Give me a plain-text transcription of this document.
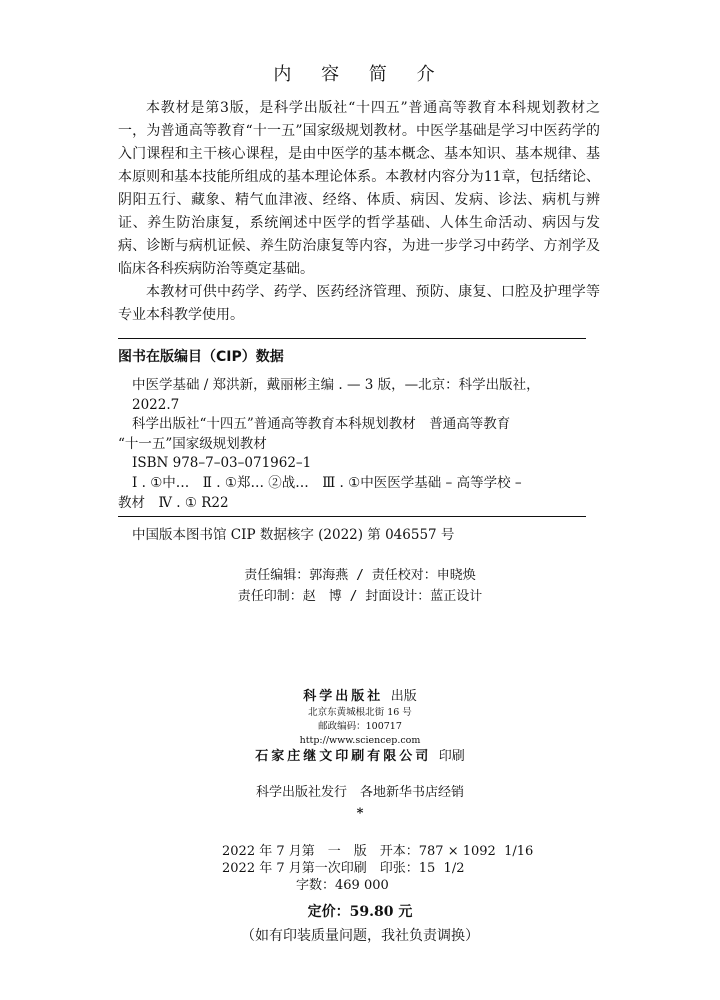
内 容 简 介

本教材是第3版，是科学出版社“十四五”普通高等教育本科规划教材之一，为普通高等教育“十一五”国家级规划教材。中医学基础是学习中医药学的入门课程和主干核心课程，是由中医学的基本概念、基本知识、基本规律、基本原则和基本技能所组成的基本理论体系。本教材内容分为11章，包括绪论、阴阳五行、藏象、精气血津液、经络、体质、病因、发病、诊法、病机与辨证、养生防治康复，系统阐述中医学的哲学基础、人体生命活动、病因与发病、诊断与病机证候、养生防治康复等内容，为进一步学习中药学、方剂学及临床各科疾病防治等奠定基础。

本教材可供中药学、药学、医药经济管理、预防、康复、口腔及护理学等专业本科教学使用。

图书在版编目（CIP）数据
中医学基础 / 郑洪新，戴丽彬主编 . — 3 版，—北京：科学出版社，
2022.7
科学出版社“十四五”普通高等教育本科规划教材　普通高等教育
“十一五”国家级规划教材
ISBN 978–7–03–071962–1
Ⅰ . ①中…　Ⅱ . ①郑… ②战…　Ⅲ . ①中医医学基础 – 高等学校 –
教材　Ⅳ . ① R22
中国版本图书馆 CIP 数据核字 (2022) 第 046557 号
责任编辑：郭海燕 / 责任校对：申晓焕
责任印制：赵　博 / 封面设计：蓝正设计
科学出版社 出版
北京东黄城根北街 16 号
邮政编码：100717
http://www.sciencep.com
石家庄继文印刷有限公司 印刷
科学出版社发行　各地新华书店经销
*
2022 年 7 月第　一　版　开本：787 × 1092  1/16
2022 年 7 月第一次印刷　印张：15  1/2
字数：469 000
定价：59.80 元
（如有印装质量问题，我社负责调换）
